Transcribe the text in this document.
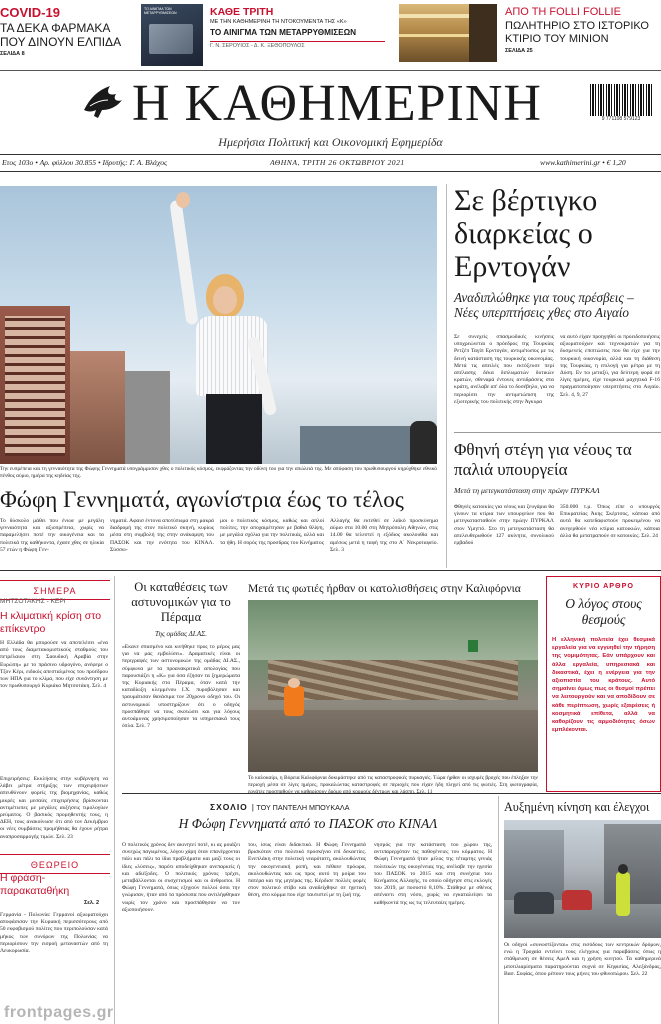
COVID-19
ΤΑ ΔΕΚΑ ΦΑΡΜΑΚΑ ΠΟΥ ΔΙΝΟΥΝ ΕΛΠΙΔΑ
ΣΕΛΙΔΑ 8
ΤΟ ΑΙΝΙΓΜΑ ΤΩΝ ΜΕΤΑΡΡΥΘΜΙΣΕΩΝ	ΚΑΘΕ ΤΡΙΤΗ
ΜΕ ΤΗΝ ΚΑΘΗΜΕΡΙΝΗ ΤΗ ΝΤΟΚΟΥΜΕΝΤΑ ΤΗΣ «Κ»
ΤΟ ΑΙΝΙΓΜΑ ΤΩΝ ΜΕΤΑΡΡΥΘΜΙΣΕΩΝ
Γ. Ν. ΣΕΡΟΥΙΟΣ - Δ. Κ. ΞΕΘΟΠΟΥΛΟΣ
ΑΠΟ ΤΗ FOLLI FOLLIE
ΠΩΛΗΤΗΡΙΟ ΣΤΟ ΙΣΤΟΡΙΚΟ ΚΤΙΡΙΟ ΤΟΥ ΜΙΝΙΟΝ
ΣΕΛΙΔΑ 25
Η ΚΑΘΗΜΕΡΙΝΗ
Ημερήσια Πολιτική και Οικονομική Εφημερίδα
9 771108 579123
Ετος 103ο • Αρ. φύλλου 30.855 • Ιδρυτής: Γ. Α. Βλάχος	ΑΘΗΝΑ, ΤΡΙΤΗ 26 ΟΚΤΩΒΡΙΟΥ 2021	www.kathimerini.gr • € 1,20
Την ευπρέπεια και τη γενναιότητα της Φώφης Γεννηματά υπογράμμισαν χθες ο πολιτικός κόσμος, εκφράζοντας την οδύνη του για την απώλειά της. Με απόφαση του πρωθυπουργού κηρύχθηκε εθνικό πένθος αύριο, ημέρα της κηδείας της.
Φώφη Γεννηματά, αγωνίστρια έως το τέλος
Το δύσκολο μάθει που ένιωε με μεγάλη γενναιότητα και αξιοπρέπεια, χωρίς να παραμελήσει ποτέ την οικογένεια και τα πολιτικά της καθήκοντα, έχασε χθες σε ηλικία 57 ετών η Φώφη Γεν-
νηματά. Αφαισ έντονα αποτύπωμα στη μακρά διαδρομή της στον πολιτικό σκηνή, κυρίως μέσα στη συμβολή της στην ανάκαμψη του ΠΑΣΟΚ και την ενότητα του ΚΙΝΑΛ. Σύσσω-
μοι ο πολιτικός κόσμος, καθώς και απλοί πολίτες, την αποχαιρέτησαν με βαθιά θλίψη, με μεγάλα σχόλια για την πολιτικάς, αλλά και τα ήθη. Η σορός της προσδρας του Κινήματος
Αλλαγής θα εκτεθεί σε λαϊκό προσκύνημα αύριο στα 10.00 στη Μητρόπολη Αθηνών, στις 14.00 θα τελεστεί η εξόδιος ακολουθία και αμέσως μετά η ταφή της στο Α΄ Νεκροταφείο. Σελ. 3
Σε βέρτιγκο διαρκείας ο Ερντογάν
Αναδιπλώθηκε για τους πρέσβεις – Νέες υπερπτήσεις χθες στο Αιγαίο
Σε συνεχείς σπασμωδικές κινήσεις υποχρεώνεται ο πρόεδρος της Τουρκίας Ρετζέπ Ταγίπ Ερντογάν, αντιμέτωπος με τις δεινή κατάσταση της τουρκικής οικονομίας. Μετά τις απειλές που εκτόξευσε περί απέλασης δέκα διπλωματών δυτικών κρατών, σθεναρά έντονες αντιδράσεις στα κράτη, ανέλαβε απ' όλα το δοσέβηλο, για να περιορίσει την αντιμετώπιση της εξωτερικής του πολιτικής στην Άγκυρα
να αυτό είχαν προηγηθεί οι προειδοποιήσεις αξιωματούχων και τεχνοκρατών για τη δυσμενείς επιπτώσεις που θα είχε για την τουρκική οικονομία, αλλά και τη διάθεση της Τουρκίας, η επιλογή για μέτρα με τη Δύση. Εν τω μεταξύ, για δεύτερη φορά σε λίγες ημέρες, είχε τουρκικά μαχητικά F-16 πραγματοποίησαν υπερπτήσεις στο Αιγαίο. Σελ. 4, 9, 27
Φθηνή στέγη για νέους τα παλιά υπουργεία
Μετά τη μετεγκατάσταση στην πρώην ΠΥΡΚΑΛ
Φθηνές κατοικίες για νέους και ζευγάρια θα γίνουν τα κτίρια των υπουργείων που θα μετεγκατασταθούν στην πρώην ΠΥΡΚΑΛ στον Υμηττό. Στο τη μετεγκατάσταση θα απελευθερωθούν 127 ακίνητα, συνολικού εμβαδού
350.000 τ.μ. Όπως είπε ο υπουργός Επικρατείας Άκης Σκέρτσος, κάποια από αυτά θα κατεδαφιστούν προκειμένου να ανεγερθούν νέα κτίρια κατοικιών, κάποια άλλα θα μετατραπούν σε κατοικίες. Σελ. 24
ΣΗΜΕΡΑ
ΜΗΤΣΟΤΑΚΗΣ - ΚΕΡΙ
Η κλιματική κρίση στο επίκεντρο
Η Ελλάδα θα μπορούσε να αποτελέσει «ένα από τους διαμετακομιστικούς σταθμούς του πετρέλαιου στη Σαουδική Αραβία στην Ευρώπη» με το πράσινο υδρογόνο, ανέφερε ο Τζον Κέρι, ειδικός απεσταλμένος του προέδρου των ΗΠΑ για το κλίμα, που είχε συνάντηση με τον πρωθυπουργό Κυριάκο Μητσοτάκη. Σελ. 4
Επιχειρήσεις: Εκκλήσεις στην κυβέρνηση να λάβει μέτρα στήριξης των επιχειρήσεων απευθύνουν φορείς της βιομηχανίας, καθώς μικρές και μεσαίες επιχειρήσεις βρίσκονται αντιμέτωπες με μεγάλες αυξήσεις τιμολογίων ρεύματος. Ο βασικός προμηθευτής τους, η ΔΕΗ, τους ανακοίνωσε ότι από τον Δεκέμβριο οι νέες συμβάσεις προμήθειας θα έχουν ρήτρα αναπροσαρμογής τιμών. Σελ. 23
ΘΕΩΡΕΙΟ
Η φράση-παρακαταθήκη
Σελ. 2
Γερμανία - Πολωνία: Γερμανοί αξιωματούχοι αποφάσισαν την Κυριακή περισσότερους από 50 εκφοβισμού πολίτες που περιπολούσαν κατά μήκος των συνόρων της Πολωνίας να περιορίσουν την εισροή μεταναστών από τη Λευκορωσία.
Οι καταθέσεις των αστυνομικών για το Πέραμα
Της ομάδας ΔΙ.ΑΣ.
«Εκανε σπασμένο και κινήθηκε προς το μέρος μας για να μας εμβολίσει». Δραματικές είναι οι περιγραφές των αστυνομικών της ομάδας ΔΙ.ΑΣ., σύμφωνα με τα προανακριτικά απολογίας που παρουσιάζει η «Κ» για όσα έζησαν τα ξημερώματα της Κυριακής στο Πέραμα, όταν κατά την καταδίωξη κλεμμένου Ι.Χ. πυροβόλησαν και τραυμάτισαν θανάσιμα τον 20χρονο οδηγό του. Οι αστυνομικοί υποστηρίζουν ότι ο οδηγός προσπάθησε να τους σκοτώσει και για λόγους αυτοάμυνας χρησιμοποίησαν τα υπηρεσιακά τους όπλα. Σελ. 7
Μετά τις φωτιές ήρθαν οι κατολισθήσεις στην Καλιφόρνια
Το καλοκαίρι, η Βόρεια Καλιφόρνια δοκιμάστηκε από τις καταστροφικές πυρκαγιές. Τώρα ήρθαν οι ισχυρές βροχές που έπληξαν την περιοχή μέσα σε λίγες ημέρες, προκαλώντας καταστροφές σε περιοχές που είχαν ήδη πληγεί από τις φωτιές. Στη φωτογραφία,
ΚΥΡΙΟ ΑΡΘΡΟ
Ο λόγος στους θεσμούς
Η ελληνική πολιτεία έχει θεσμικά εργαλεία για να εγγυηθεί την τήρηση της νομιμότητας. Εάν υπάρχουν και άλλα εργαλεία, υπηρεσιακά και δικαστικά, έχει η ενέργεια για την αξιοπιστία του κράτους. Αυτό σημαίνει όμως πως οι θεσμοί πρέπει να λειτουργούν και να αποδίδουν σε κάθε περίπτωση, χωρίς εξαιρέσεις ή κοσμητικά επίθετα, αλλά να καθορίζουν τις αρμοδιότητες όσων εμπλέκονται.
ΣΧΟΛΙΟ | ΤΟΥ ΠΑΝΤΕΛΗ ΜΠΟΥΚΑΛΑ
Η Φώφη Γεννηματά από το ΠΑΣΟΚ στο ΚΙΝΑΛ
Ο πολιτικός χρόνος δεν ακινητεί ποτέ, κι ας μοιάζει συνεχώς παγωμένος, λόγου χάρη όταν επανέρχονται πάλι και πάλι τα ίδια προβλήματα και μαζί τους οι ίδιες «λύσεις», παρότι αποδείχθηκαν ανεπαρκείς ή και αδιέξοδες. Ο πολιτικός χρόνος τρέχει, μεταβάλλονται οι συσχετισμοί και οι άνθρωποι. Η Φώφη Γεννηματά, όπως εξηγούν πολλοί όσοι την γνώρισαν, ήταν από τα πρόσωπα που αντιλήφθηκαν νωρίς τον χρόνο και προσπάθησαν να τον αξιοποιήσουν.
του, ίσως είναι διδακτικό. Η Φώφη Γεννηματά βρισκόταν στο πολιτικό προσκήνιο επί δεκαετίες. Ενεπλάκη στην πολιτική νεαρότατη, ακολουθώντας την οικογενειακή ροπή, και πέθανε πρόωρα, ακολουθώντας και ως προς αυτό τη μοίρα του πατέρα και της μητέρας της. Κέρδισε πολλές φορές στον πολιτικό στίβο και αναδείχθηκε σε ηγετική θέση, στο κόμμα που είχε ταυτιστεί με τη ζωή της.
νησμός για την κατάσταση του χώρου της, αντιπαρερχόταν τις παθογένειες του κόμματος. Η Φώφη Γεννηματά ήταν μέλος της τέταρτης γενιάς πολιτικών της οικογένειας της, ανέλαβε την ηγεσία του ΠΑΣΟΚ το 2015 και στη συνέχεια του Κινήματος Αλλαγής, το οποίο οδήγησε στις εκλογές του 2019, με ποσοστό 8,10%. Στάθηκε με σθένος απέναντι στη νόσο, χωρίς να εγκαταλείψει τα καθήκοντά της ως τις τελευταίες ημέρες.
Αυξημένη κίνηση και έλεγχοι
Οι οδηγοί «συνωστίζονται» στις εισόδους των κεντρικών δρόμων, ενώ η Τροχαία εντείνει τους ελέγχους για παραβάσεις όπως η στάθμευση σε θέσεις ΑμεΑ και η χρήση κινητού. Τα καθημερινά μποτιλιαρίσματα παρατηρούνται συχνά σε Κηφισίας, Αλεξάνδρας, Βασ. Σοφίας, όπου ρέπουν τους μήνες του φθινοπώρου. Σελ. 22
frontpages.gr
